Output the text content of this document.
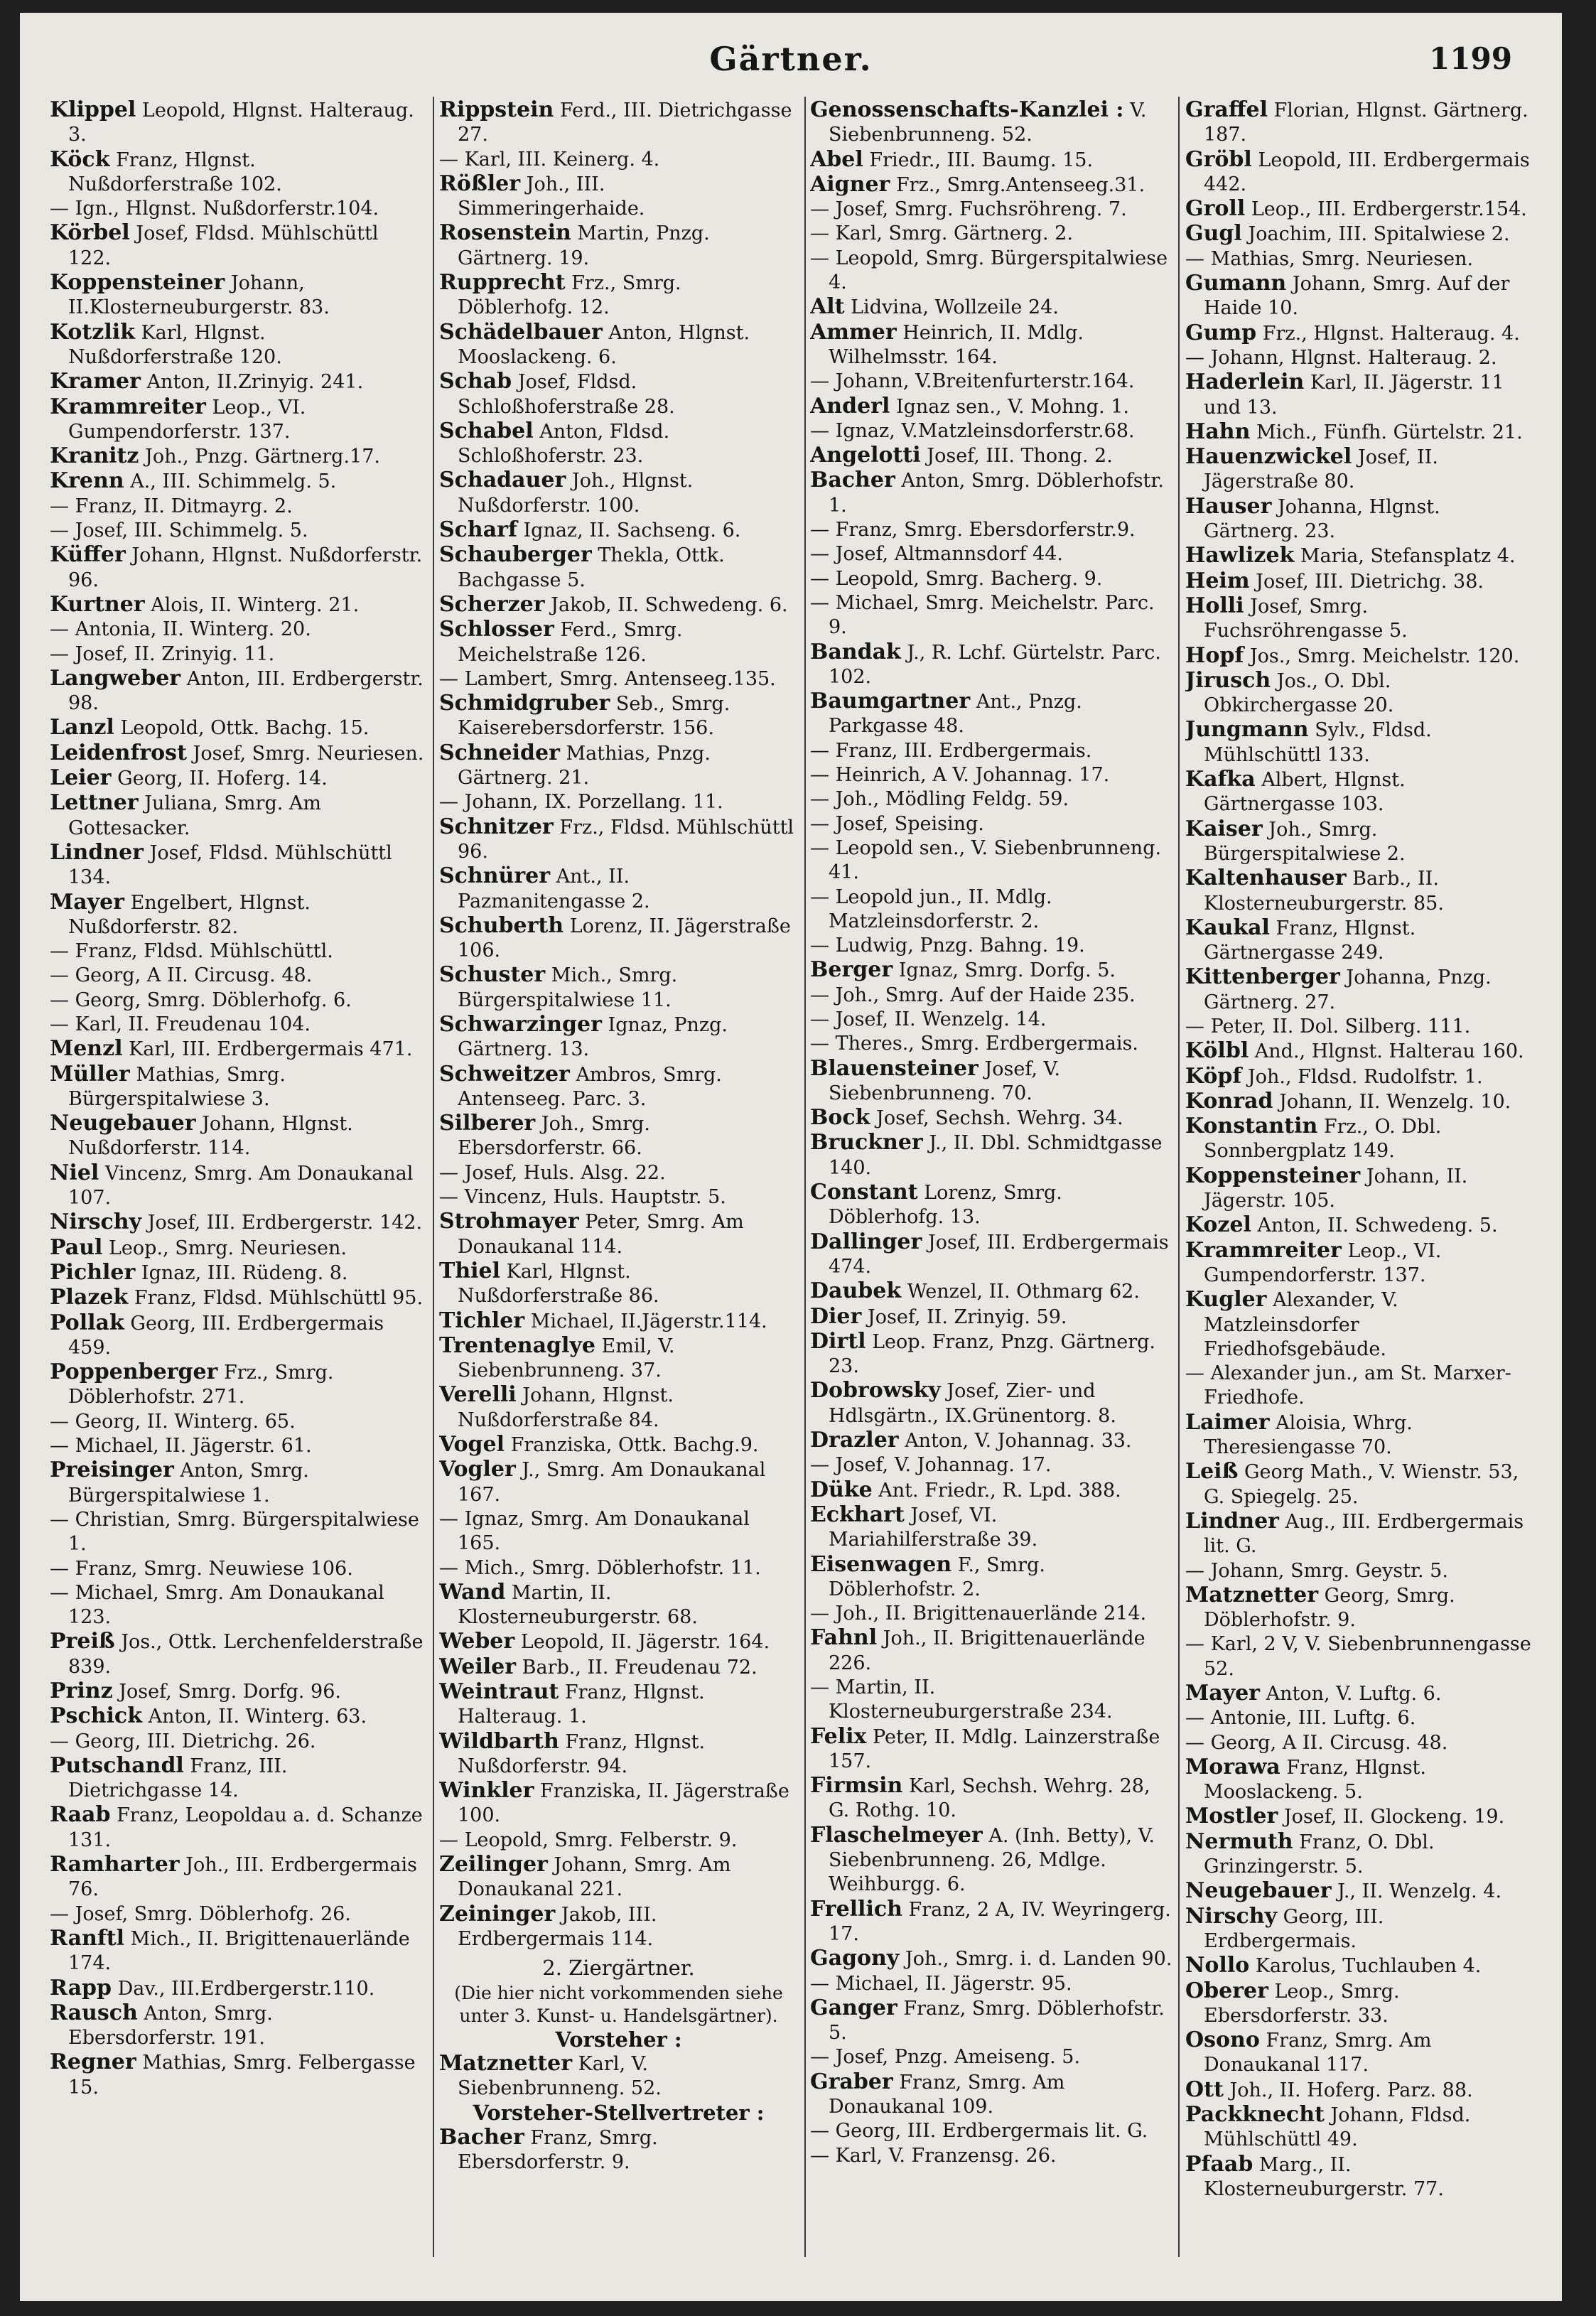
Gärtner.	1199

Klippel Leopold, Hlgnst. Halteraug. 3.

Köck Franz, Hlgnst. Nußdorferstraße 102.

— Ign., Hlgnst. Nußdorferstr.104.

Körbel Josef, Fldsd. Mühlschüttl 122.

Koppensteiner Johann, II.Klosterneuburgerstr. 83.

Kotzlik Karl, Hlgnst. Nußdorferstraße 120.

Kramer Anton, II.Zrinyig. 241.

Krammreiter Leop., VI. Gumpendorferstr. 137.

Kranitz Joh., Pnzg. Gärtnerg.17.

Krenn A., III. Schimmelg. 5.

— Franz, II. Ditmayrg. 2.

— Josef, III. Schimmelg. 5.

Küffer Johann, Hlgnst. Nußdorferstr. 96.

Kurtner Alois, II. Winterg. 21.

— Antonia, II. Winterg. 20.

— Josef, II. Zrinyig. 11.

Langweber Anton, III. Erdbergerstr. 98.

Lanzl Leopold, Ottk. Bachg. 15.

Leidenfrost Josef, Smrg. Neuriesen.

Leier Georg, II. Hoferg. 14.

Lettner Juliana, Smrg. Am Gottesacker.

Lindner Josef, Fldsd. Mühlschüttl 134.

Mayer Engelbert, Hlgnst. Nußdorferstr. 82.

— Franz, Fldsd. Mühlschüttl.

— Georg, A II. Circusg. 48.

— Georg, Smrg. Döblerhofg. 6.

— Karl, II. Freudenau 104.

Menzl Karl, III. Erdbergermais 471.

Müller Mathias, Smrg. Bürgerspitalwiese 3.

Neugebauer Johann, Hlgnst. Nußdorferstr. 114.

Niel Vincenz, Smrg. Am Donaukanal 107.

Nirschy Josef, III. Erdbergerstr. 142.

Paul Leop., Smrg. Neuriesen.

Pichler Ignaz, III. Rüdeng. 8.

Plazek Franz, Fldsd. Mühlschüttl 95.

Pollak Georg, III. Erdbergermais 459.

Poppenberger Frz., Smrg. Döblerhofstr. 271.

— Georg, II. Winterg. 65.

— Michael, II. Jägerstr. 61.

Preisinger Anton, Smrg. Bürgerspitalwiese 1.

— Christian, Smrg. Bürgerspitalwiese 1.

— Franz, Smrg. Neuwiese 106.

— Michael, Smrg. Am Donaukanal 123.

Preiß Jos., Ottk. Lerchenfelderstraße 839.

Prinz Josef, Smrg. Dorfg. 96.

Pschick Anton, II. Winterg. 63.

— Georg, III. Dietrichg. 26.

Putschandl Franz, III. Dietrichgasse 14.

Raab Franz, Leopoldau a. d. Schanze 131.

Ramharter Joh., III. Erdbergermais 76.

— Josef, Smrg. Döblerhofg. 26.

Ranftl Mich., II. Brigittenauerlände 174.

Rapp Dav., III.Erdbergerstr.110.

Rausch Anton, Smrg. Ebersdorferstr. 191.

Regner Mathias, Smrg. Felbergasse 15.

Rippstein Ferd., III. Dietrichgasse 27.

— Karl, III. Keinerg. 4.

Rößler Joh., III. Simmeringerhaide.

Rosenstein Martin, Pnzg. Gärtnerg. 19.

Rupprecht Frz., Smrg. Döblerhofg. 12.

Schädelbauer Anton, Hlgnst. Mooslackeng. 6.

Schab Josef, Fldsd. Schloßhoferstraße 28.

Schabel Anton, Fldsd. Schloßhoferstr. 23.

Schadauer Joh., Hlgnst. Nußdorferstr. 100.

Scharf Ignaz, II. Sachseng. 6.

Schauberger Thekla, Ottk. Bachgasse 5.

Scherzer Jakob, II. Schwedeng. 6.

Schlosser Ferd., Smrg. Meichelstraße 126.

— Lambert, Smrg. Antenseeg.135.

Schmidgruber Seb., Smrg. Kaiserebersdorferstr. 156.

Schneider Mathias, Pnzg. Gärtnerg. 21.

— Johann, IX. Porzellang. 11.

Schnitzer Frz., Fldsd. Mühlschüttl 96.

Schnürer Ant., II. Pazmanitengasse 2.

Schuberth Lorenz, II. Jägerstraße 106.

Schuster Mich., Smrg. Bürgerspitalwiese 11.

Schwarzinger Ignaz, Pnzg. Gärtnerg. 13.

Schweitzer Ambros, Smrg. Antenseeg. Parc. 3.

Silberer Joh., Smrg. Ebersdorferstr. 66.

— Josef, Huls. Alsg. 22.

— Vincenz, Huls. Hauptstr. 5.

Strohmayer Peter, Smrg. Am Donaukanal 114.

Thiel Karl, Hlgnst. Nußdorferstraße 86.

Tichler Michael, II.Jägerstr.114.

Trentenaglye Emil, V. Siebenbrunneng. 37.

Verelli Johann, Hlgnst. Nußdorferstraße 84.

Vogel Franziska, Ottk. Bachg.9.

Vogler J., Smrg. Am Donaukanal 167.

— Ignaz, Smrg. Am Donaukanal 165.

— Mich., Smrg. Döblerhofstr. 11.

Wand Martin, II. Klosterneuburgerstr. 68.

Weber Leopold, II. Jägerstr. 164.

Weiler Barb., II. Freudenau 72.

Weintraut Franz, Hlgnst. Halteraug. 1.

Wildbarth Franz, Hlgnst. Nußdorferstr. 94.

Winkler Franziska, II. Jägerstraße 100.

— Leopold, Smrg. Felberstr. 9.

Zeilinger Johann, Smrg. Am Donaukanal 221.

Zeininger Jakob, III. Erdbergermais 114.

2. Ziergärtner.
(Die hier nicht vorkommenden siehe unter 3. Kunst- u. Handelsgärtner).
Vorsteher :

Matznetter Karl, V. Siebenbrunneng. 52.

Vorsteher-Stellvertreter :

Bacher Franz, Smrg. Ebersdorferstr. 9.

Genossenschafts-Kanzlei : V. Siebenbrunneng. 52.

Abel Friedr., III. Baumg. 15.

Aigner Frz., Smrg.Antenseeg.31.

— Josef, Smrg. Fuchsröhreng. 7.

— Karl, Smrg. Gärtnerg. 2.

— Leopold, Smrg. Bürgerspitalwiese 4.

Alt Lidvina, Wollzeile 24.

Ammer Heinrich, II. Mdlg. Wilhelmsstr. 164.

— Johann, V.Breitenfurterstr.164.

Anderl Ignaz sen., V. Mohng. 1.

— Ignaz, V.Matzleinsdorferstr.68.

Angelotti Josef, III. Thong. 2.

Bacher Anton, Smrg. Döblerhofstr. 1.

— Franz, Smrg. Ebersdorferstr.9.

— Josef, Altmannsdorf 44.

— Leopold, Smrg. Bacherg. 9.

— Michael, Smrg. Meichelstr. Parc. 9.

Bandak J., R. Lchf. Gürtelstr. Parc. 102.

Baumgartner Ant., Pnzg. Parkgasse 48.

— Franz, III. Erdbergermais.

— Heinrich, A V. Johannag. 17.

— Joh., Mödling Feldg. 59.

— Josef, Speising.

— Leopold sen., V. Siebenbrunneng. 41.

— Leopold jun., II. Mdlg. Matzleinsdorferstr. 2.

— Ludwig, Pnzg. Bahng. 19.

Berger Ignaz, Smrg. Dorfg. 5.

— Joh., Smrg. Auf der Haide 235.

— Josef, II. Wenzelg. 14.

— Theres., Smrg. Erdbergermais.

Blauensteiner Josef, V. Siebenbrunneng. 70.

Bock Josef, Sechsh. Wehrg. 34.

Bruckner J., II. Dbl. Schmidtgasse 140.

Constant Lorenz, Smrg. Döblerhofg. 13.

Dallinger Josef, III. Erdbergermais 474.

Daubek Wenzel, II. Othmarg 62.

Dier Josef, II. Zrinyig. 59.

Dirtl Leop. Franz, Pnzg. Gärtnerg. 23.

Dobrowsky Josef, Zier- und Hdlsgärtn., IX.Grünentorg. 8.

Drazler Anton, V. Johannag. 33.

— Josef, V. Johannag. 17.

Düke Ant. Friedr., R. Lpd. 388.

Eckhart Josef, VI. Mariahilferstraße 39.

Eisenwagen F., Smrg. Döblerhofstr. 2.

— Joh., II. Brigittenauerlände 214.

Fahnl Joh., II. Brigittenauerlände 226.

— Martin, II. Klosterneuburgerstraße 234.

Felix Peter, II. Mdlg. Lainzerstraße 157.

Firmsin Karl, Sechsh. Wehrg. 28, G. Rothg. 10.

Flaschelmeyer A. (Inh. Betty), V. Siebenbrunneng. 26, Mdlge. Weihburgg. 6.

Frellich Franz, 2 A, IV. Weyringerg. 17.

Gagony Joh., Smrg. i. d. Landen 90.

— Michael, II. Jägerstr. 95.

Ganger Franz, Smrg. Döblerhofstr. 5.

— Josef, Pnzg. Ameiseng. 5.

Graber Franz, Smrg. Am Donaukanal 109.

— Georg, III. Erdbergermais lit. G.

— Karl, V. Franzensg. 26.

Graffel Florian, Hlgnst. Gärtnerg. 187.

Gröbl Leopold, III. Erdbergermais 442.

Groll Leop., III. Erdbergerstr.154.

Gugl Joachim, III. Spitalwiese 2.

— Mathias, Smrg. Neuriesen.

Gumann Johann, Smrg. Auf der Haide 10.

Gump Frz., Hlgnst. Halteraug. 4.

— Johann, Hlgnst. Halteraug. 2.

Haderlein Karl, II. Jägerstr. 11 und 13.

Hahn Mich., Fünfh. Gürtelstr. 21.

Hauenzwickel Josef, II. Jägerstraße 80.

Hauser Johanna, Hlgnst. Gärtnerg. 23.

Hawlizek Maria, Stefansplatz 4.

Heim Josef, III. Dietrichg. 38.

Holli Josef, Smrg. Fuchsröhrengasse 5.

Hopf Jos., Smrg. Meichelstr. 120.

Jirusch Jos., O. Dbl. Obkirchergasse 20.

Jungmann Sylv., Fldsd. Mühlschüttl 133.

Kafka Albert, Hlgnst. Gärtnergasse 103.

Kaiser Joh., Smrg. Bürgerspitalwiese 2.

Kaltenhauser Barb., II. Klosterneuburgerstr. 85.

Kaukal Franz, Hlgnst. Gärtnergasse 249.

Kittenberger Johanna, Pnzg. Gärtnerg. 27.

— Peter, II. Dol. Silberg. 111.

Kölbl And., Hlgnst. Halterau 160.

Köpf Joh., Fldsd. Rudolfstr. 1.

Konrad Johann, II. Wenzelg. 10.

Konstantin Frz., O. Dbl. Sonnbergplatz 149.

Koppensteiner Johann, II. Jägerstr. 105.

Kozel Anton, II. Schwedeng. 5.

Krammreiter Leop., VI. Gumpendorferstr. 137.

Kugler Alexander, V. Matzleinsdorfer Friedhofsgebäude.

— Alexander jun., am St. Marxer-Friedhofe.

Laimer Aloisia, Whrg. Theresiengasse 70.

Leiß Georg Math., V. Wienstr. 53, G. Spiegelg. 25.

Lindner Aug., III. Erdbergermais lit. G.

— Johann, Smrg. Geystr. 5.

Matznetter Georg, Smrg. Döblerhofstr. 9.

— Karl, 2 V, V. Siebenbrunnengasse 52.

Mayer Anton, V. Luftg. 6.

— Antonie, III. Luftg. 6.

— Georg, A II. Circusg. 48.

Morawa Franz, Hlgnst. Mooslackeng. 5.

Mostler Josef, II. Glockeng. 19.

Nermuth Franz, O. Dbl. Grinzingerstr. 5.

Neugebauer J., II. Wenzelg. 4.

Nirschy Georg, III. Erdbergermais.

Nollo Karolus, Tuchlauben 4.

Oberer Leop., Smrg. Ebersdorferstr. 33.

Osono Franz, Smrg. Am Donaukanal 117.

Ott Joh., II. Hoferg. Parz. 88.

Packknecht Johann, Fldsd. Mühlschüttl 49.

Pfaab Marg., II. Klosterneuburgerstr. 77.
